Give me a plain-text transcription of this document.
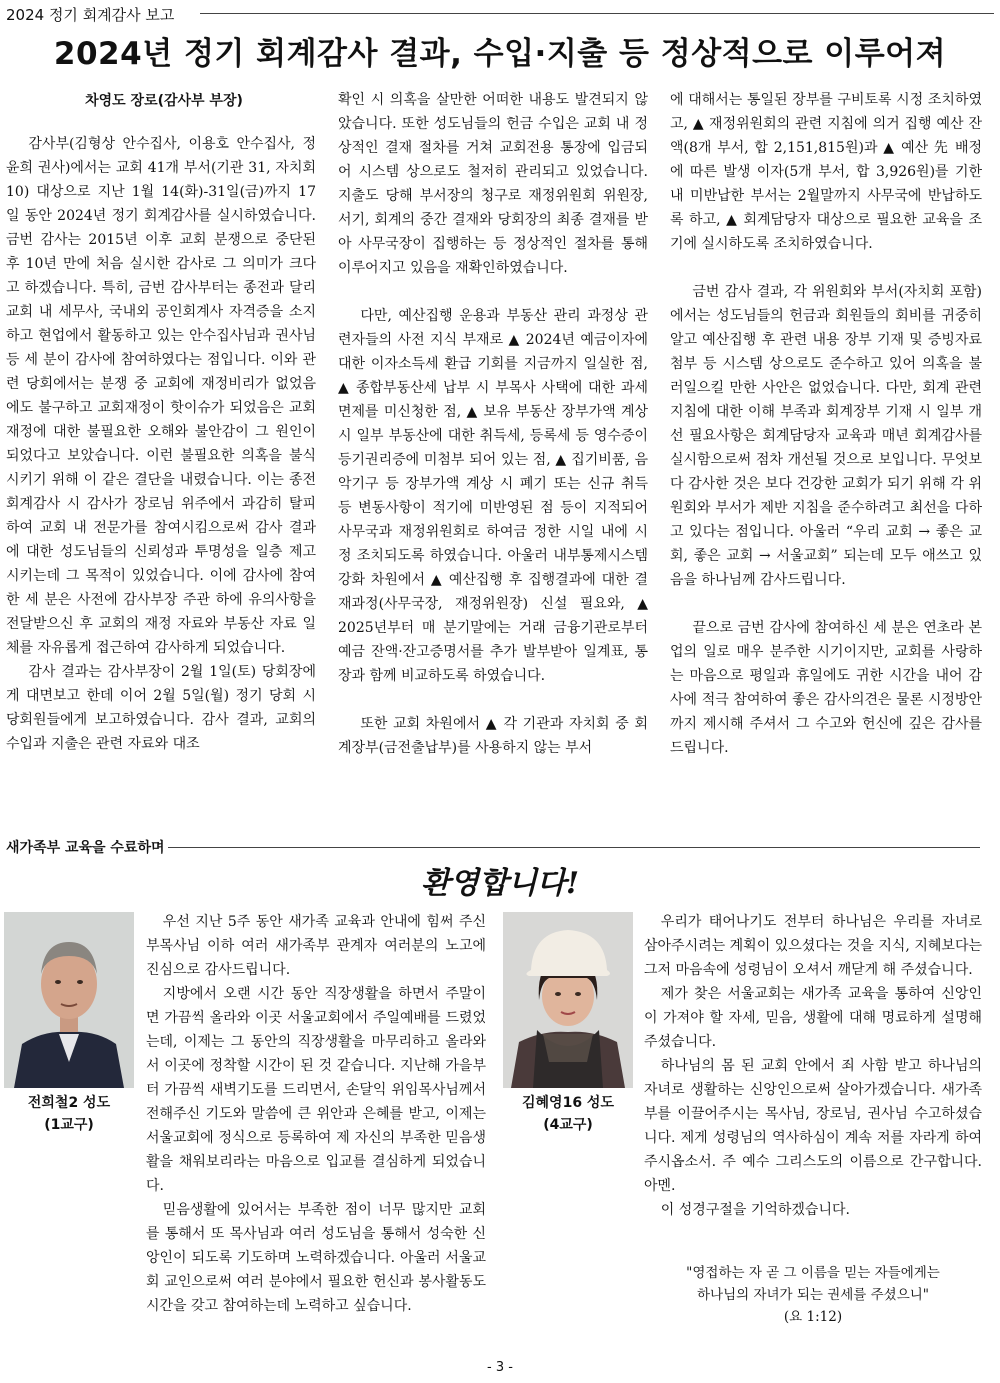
2024 정기 회계감사 보고
2024년 정기 회계감사 결과, 수입·지출 등 정상적으로 이루어져
차영도 장로(감사부 부장)

감사부(김형상 안수집사, 이용호 안수집사, 정윤희 권사)에서는 교회 41개 부서(기관 31, 자치회 10) 대상으로 지난 1월 14(화)-31일(금)까지 17일 동안 2024년 정기 회계감사를 실시하였습니다. 금번 감사는 2015년 이후 교회 분쟁으로 중단된 후 10년 만에 처음 실시한 감사로 그 의미가 크다고 하겠습니다. 특히, 금번 감사부터는 종전과 달리 교회 내 세무사, 국내외 공인회계사 자격증을 소지하고 현업에서 활동하고 있는 안수집사님과 권사님 등 세 분이 감사에 참여하였다는 점입니다. 이와 관련 당회에서는 분쟁 중 교회에 재정비리가 없었음에도 불구하고 교회재정이 핫이슈가 되었음은 교회재정에 대한 불필요한 오해와 불안감이 그 원인이 되었다고 보았습니다. 이런 불필요한 의혹을 불식시키기 위해 이 같은 결단을 내렸습니다. 이는 종전 회계감사 시 감사가 장로님 위주에서 과감히 탈피하여 교회 내 전문가를 참여시킴으로써 감사 결과에 대한 성도님들의 신뢰성과 투명성을 일층 제고시키는데 그 목적이 있었습니다. 이에 감사에 참여한 세 분은 사전에 감사부장 주관 하에 유의사항을 전달받으신 후 교회의 재정 자료와 부동산 자료 일체를 자유롭게 접근하여 감사하게 되었습니다.

감사 결과는 감사부장이 2월 1일(토) 당회장에게 대면보고 한데 이어 2월 5일(월) 정기 당회 시 당회원들에게 보고하였습니다. 감사 결과, 교회의 수입과 지출은 관련 자료와 대조

확인 시 의혹을 살만한 어떠한 내용도 발견되지 않았습니다. 또한 성도님들의 헌금 수입은 교회 내 정상적인 결재 절차를 거쳐 교회전용 통장에 입금되어 시스템 상으로도 철저히 관리되고 있었습니다. 지출도 당해 부서장의 청구로 재정위원회 위원장, 서기, 회계의 중간 결재와 당회장의 최종 결재를 받아 사무국장이 집행하는 등 정상적인 절차를 통해 이루어지고 있음을 재확인하였습니다.

다만, 예산집행 운용과 부동산 관리 과정상 관련자들의 사전 지식 부재로 ▲ 2024년 예금이자에 대한 이자소득세 환급 기회를 지금까지 일실한 점, ▲ 종합부동산세 납부 시 부목사 사택에 대한 과세 면제를 미신청한 점, ▲ 보유 부동산 장부가액 계상 시 일부 부동산에 대한 취득세, 등록세 등 영수증이 등기권리증에 미첨부 되어 있는 점, ▲ 집기비품, 음악기구 등 장부가액 계상 시 폐기 또는 신규 취득 등 변동사항이 적기에 미반영된 점 등이 지적되어 사무국과 재정위원회로 하여금 정한 시일 내에 시정 조치되도록 하였습니다. 아울러 내부통제시스템 강화 차원에서 ▲ 예산집행 후 집행결과에 대한 결재과정(사무국장, 재정위원장) 신설 필요와, ▲ 2025년부터 매 분기말에는 거래 금융기관로부터 예금 잔액·잔고증명서를 추가 발부받아 일계표, 통장과 함께 비교하도록 하였습니다.

또한 교회 차원에서 ▲ 각 기관과 자치회 중 회계장부(금전출납부)를 사용하지 않는 부서

에 대해서는 통일된 장부를 구비토록 시정 조치하였고, ▲ 재정위원회의 관련 지침에 의거 집행 예산 잔액(8개 부서, 합 2,151,815원)과 ▲ 예산 先 배정에 따른 발생 이자(5개 부서, 합 3,926원)를 기한 내 미반납한 부서는 2월말까지 사무국에 반납하도록 하고, ▲ 회계담당자 대상으로 필요한 교육을 조기에 실시하도록 조치하였습니다.

금번 감사 결과, 각 위원회와 부서(자치회 포함)에서는 성도님들의 헌금과 회원들의 회비를 귀중히 알고 예산집행 후 관련 내용 장부 기재 및 증빙자료 첨부 등 시스템 상으로도 준수하고 있어 의혹을 불러일으킬 만한 사안은 없었습니다. 다만, 회계 관련 지침에 대한 이해 부족과 회계장부 기재 시 일부 개선 필요사항은 회계담당자 교육과 매년 회계감사를 실시함으로써 점차 개선될 것으로 보입니다. 무엇보다 감사한 것은 보다 건강한 교회가 되기 위해 각 위원회와 부서가 제반 지침을 준수하려고 최선을 다하고 있다는 점입니다. 아울러 “우리 교회 → 좋은 교회, 좋은 교회 → 서울교회” 되는데 모두 애쓰고 있음을 하나님께 감사드립니다.

끝으로 금번 감사에 참여하신 세 분은 연초라 본업의 일로 매우 분주한 시기이지만, 교회를 사랑하는 마음으로 평일과 휴일에도 귀한 시간을 내어 감사에 적극 참여하여 좋은 감사의견은 물론 시정방안까지 제시해 주셔서 그 수고와 헌신에 깊은 감사를 드립니다.

새가족부 교육을 수료하며
환영합니다!
전희철2 성도
(1교구)

우선 지난 5주 동안 새가족 교육과 안내에 힘써 주신 부목사님 이하 여러 새가족부 관계자 여러분의 노고에 진심으로 감사드립니다.

지방에서 오랜 시간 동안 직장생활을 하면서 주말이면 가끔씩 올라와 이곳 서울교회에서 주일예배를 드렸었는데, 이제는 그 동안의 직장생활을 마무리하고 올라와서 이곳에 정착할 시간이 된 것 같습니다. 지난해 가을부터 가끔씩 새벽기도를 드리면서, 손달익 위임목사님께서 전해주신 기도와 말씀에 큰 위안과 은혜를 받고, 이제는 서울교회에 정식으로 등록하여 제 자신의 부족한 믿음생활을 채워보리라는 마음으로 입교를 결심하게 되었습니다.

믿음생활에 있어서는 부족한 점이 너무 많지만 교회를 통해서 또 목사님과 여러 성도님을 통해서 성숙한 신앙인이 되도록 기도하며 노력하겠습니다. 아울러 서울교회 교인으로써 여러 분야에서 필요한 헌신과 봉사활동도 시간을 갖고 참여하는데 노력하고 싶습니다.

김혜영16 성도
(4교구)

우리가 태어나기도 전부터 하나님은 우리를 자녀로 삼아주시려는 계획이 있으셨다는 것을 지식, 지혜보다는 그저 마음속에 성령님이 오셔서 깨닫게 해 주셨습니다.

제가 찾은 서울교회는 새가족 교육을 통하여 신앙인이 가져야 할 자세, 믿음, 생활에 대해 명료하게 설명해 주셨습니다.

하나님의 몸 된 교회 안에서 죄 사함 받고 하나님의 자녀로 생활하는 신앙인으로써 살아가겠습니다. 새가족부를 이끌어주시는 목사님, 장로님, 권사님 수고하셨습니다. 제게 성령님의 역사하심이 계속 저를 자라게 하여 주시옵소서. 주 예수 그리스도의 이름으로 간구합니다. 아멘.

이 성경구절을 기억하겠습니다.

"영접하는 자 곧 그 이름을 믿는 자들에게는
하나님의 자녀가 되는 권세를 주셨으니"
(요 1:12)
- 3 -
